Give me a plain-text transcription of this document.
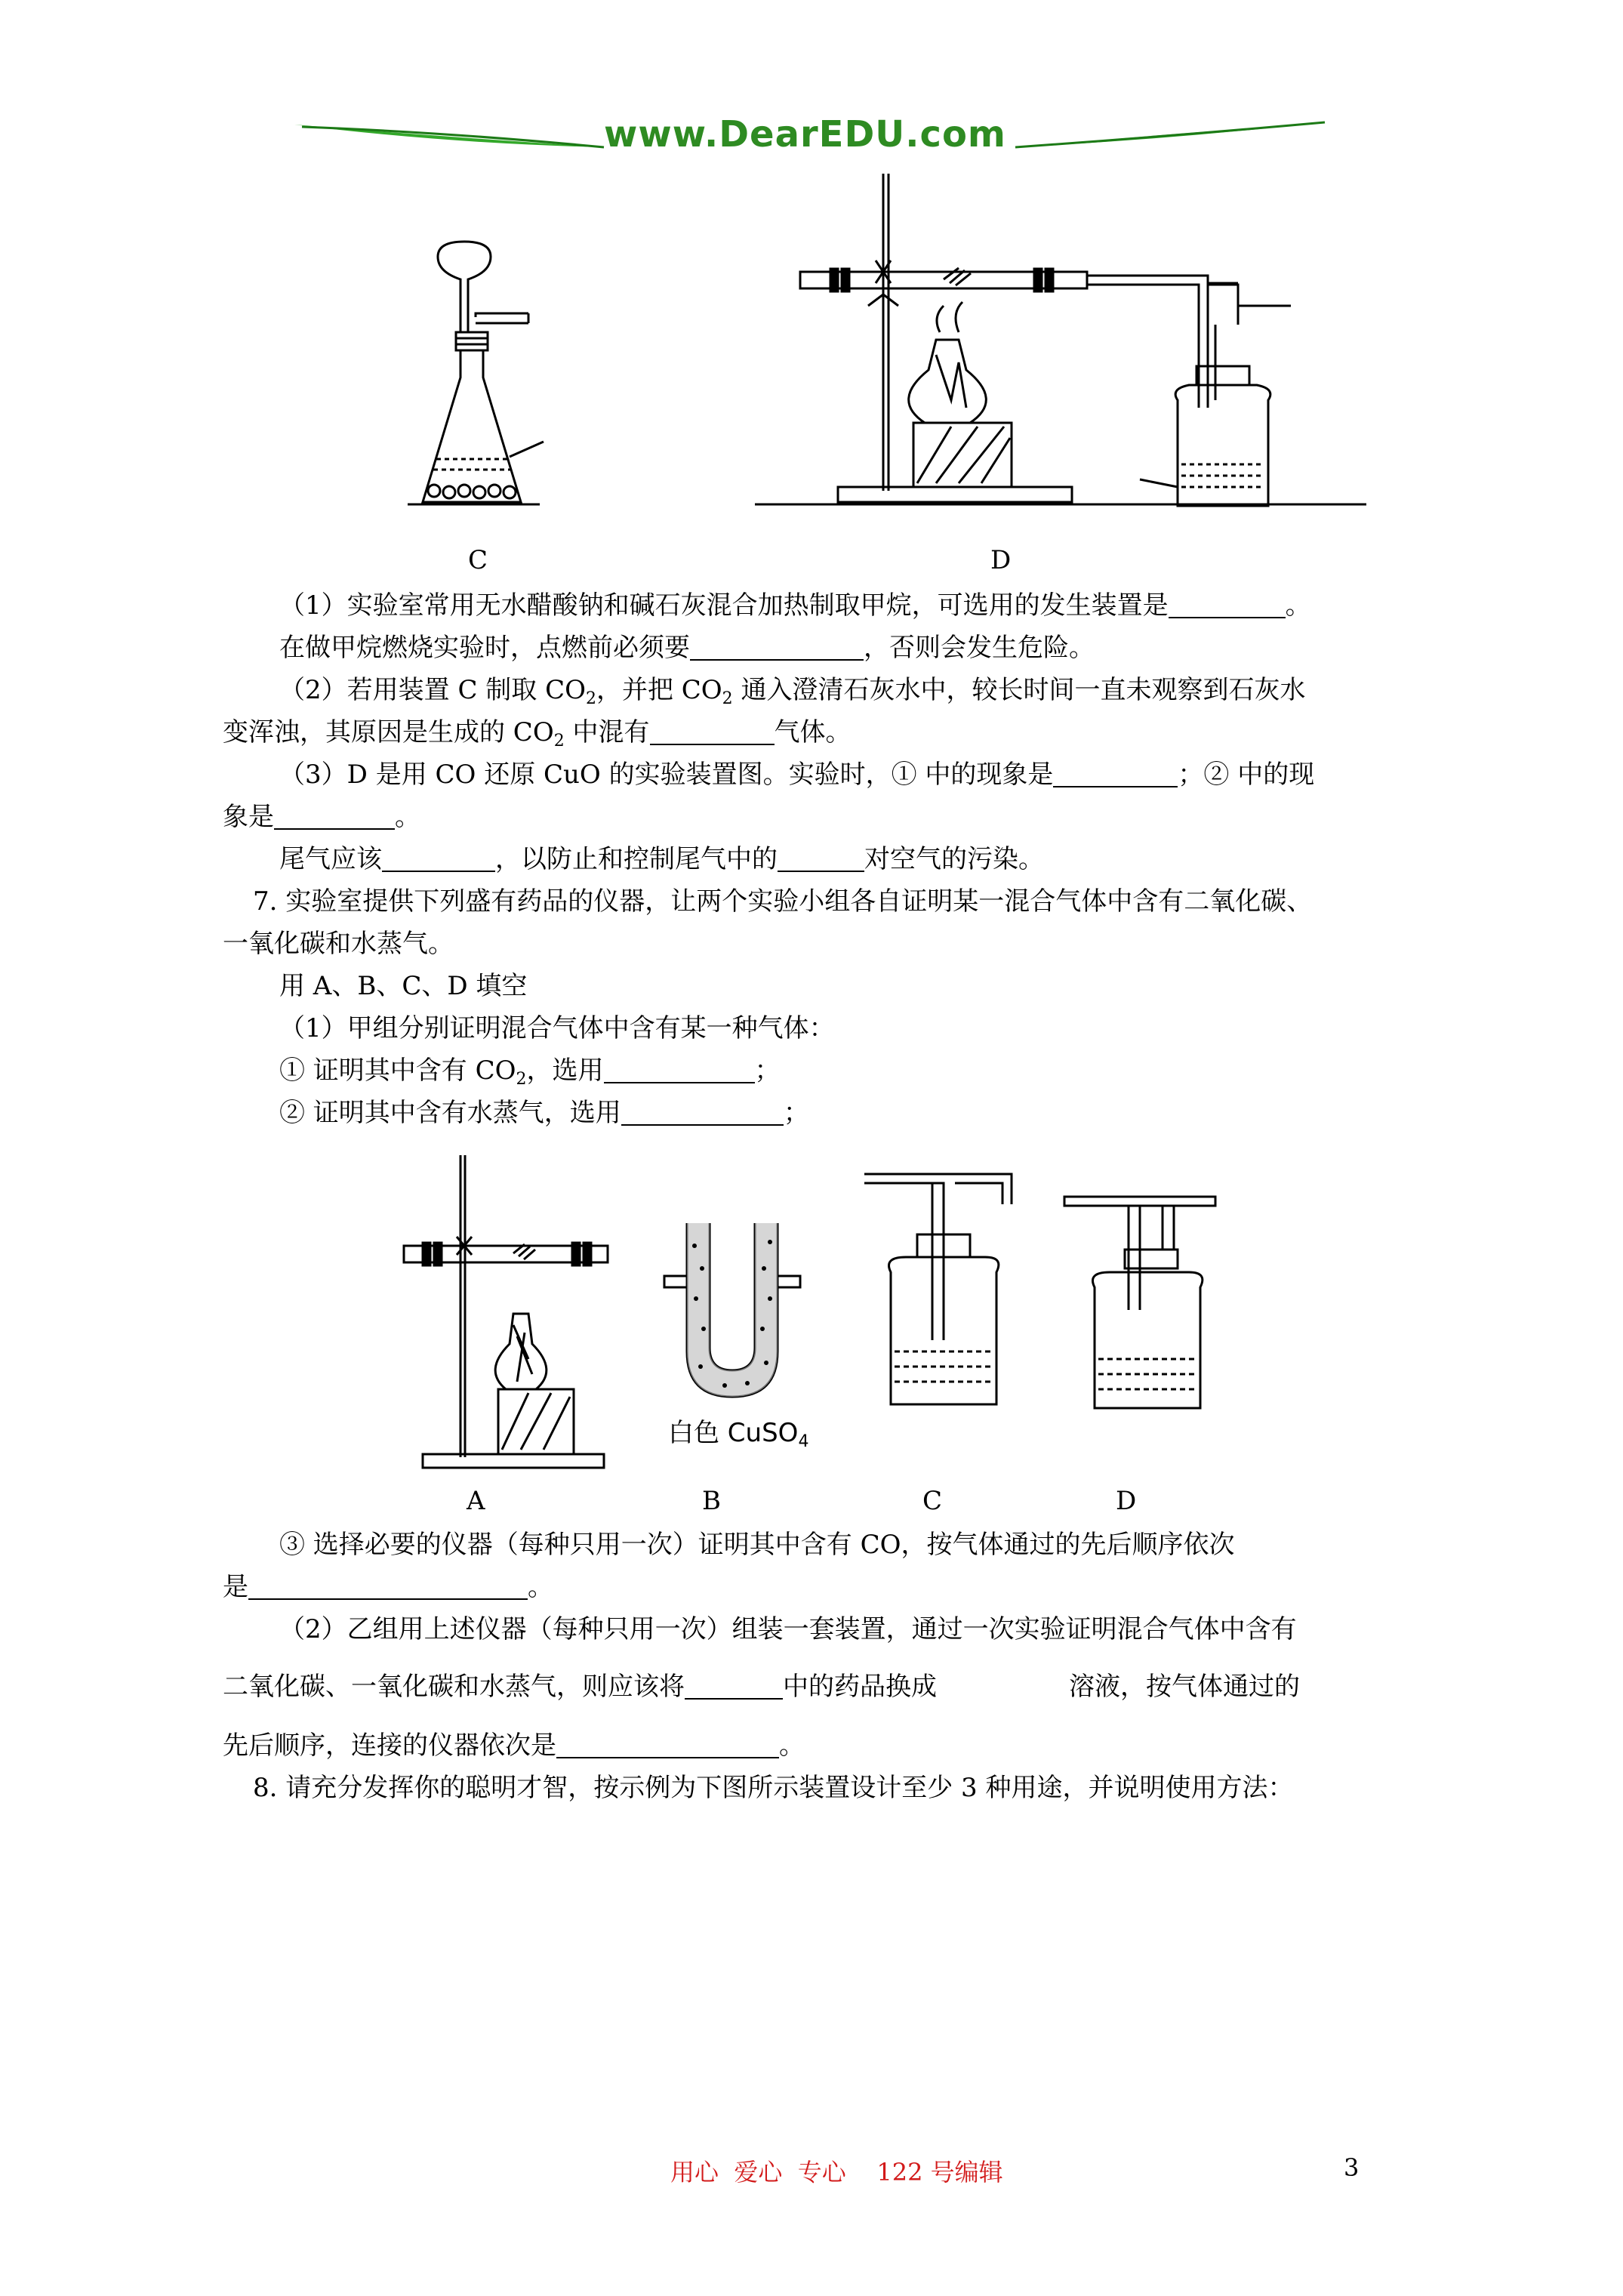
www.DearEDU.com
C	D
（1）实验室常用无水醋酸钠和碱石灰混合加热制取甲烷，可选用的发生装置是	。
在做甲烷燃烧实验时，点燃前必须要	，否则会发生危险。
（2）若用装置 C 制取 $CO_2$，并把 $CO_2$ 通入澄清石灰水中，较长时间一直未观察到石灰水
变浑浊，其原因是生成的 $CO_2$ 中混有	气体。
（3）D 是用 CO 还原 CuO 的实验装置图。实验时，① 中的现象是	；② 中的现
象是	。
尾气应该	，以防止和控制尾气中的	对空气的污染。
7. 实验室提供下列盛有药品的仪器，让两个实验小组各自证明某一混合气体中含有二氧化碳、
一氧化碳和水蒸气。
用 A、B、C、D 填空
（1）甲组分别证明混合气体中含有某一种气体：
① 证明其中含有 $CO_2$，选用	；
② 证明其中含有水蒸气，选用	；
白色 CuSO$_4$
A	B	C	D
③ 选择必要的仪器（每种只用一次）证明其中含有 CO，按气体通过的先后顺序依次
是	。
（2）乙组用上述仪器（每种只用一次）组装一套装置，通过一次实验证明混合气体中含有
二氧化碳、一氧化碳和水蒸气，则应该将	中的药品换成	溶液，按气体通过的
先后顺序，连接的仪器依次是	。
8. 请充分发挥你的聪明才智，按示例为下图所示装置设计至少 3 种用途，并说明使用方法：
用心  爱心  专心    122 号编辑	3
